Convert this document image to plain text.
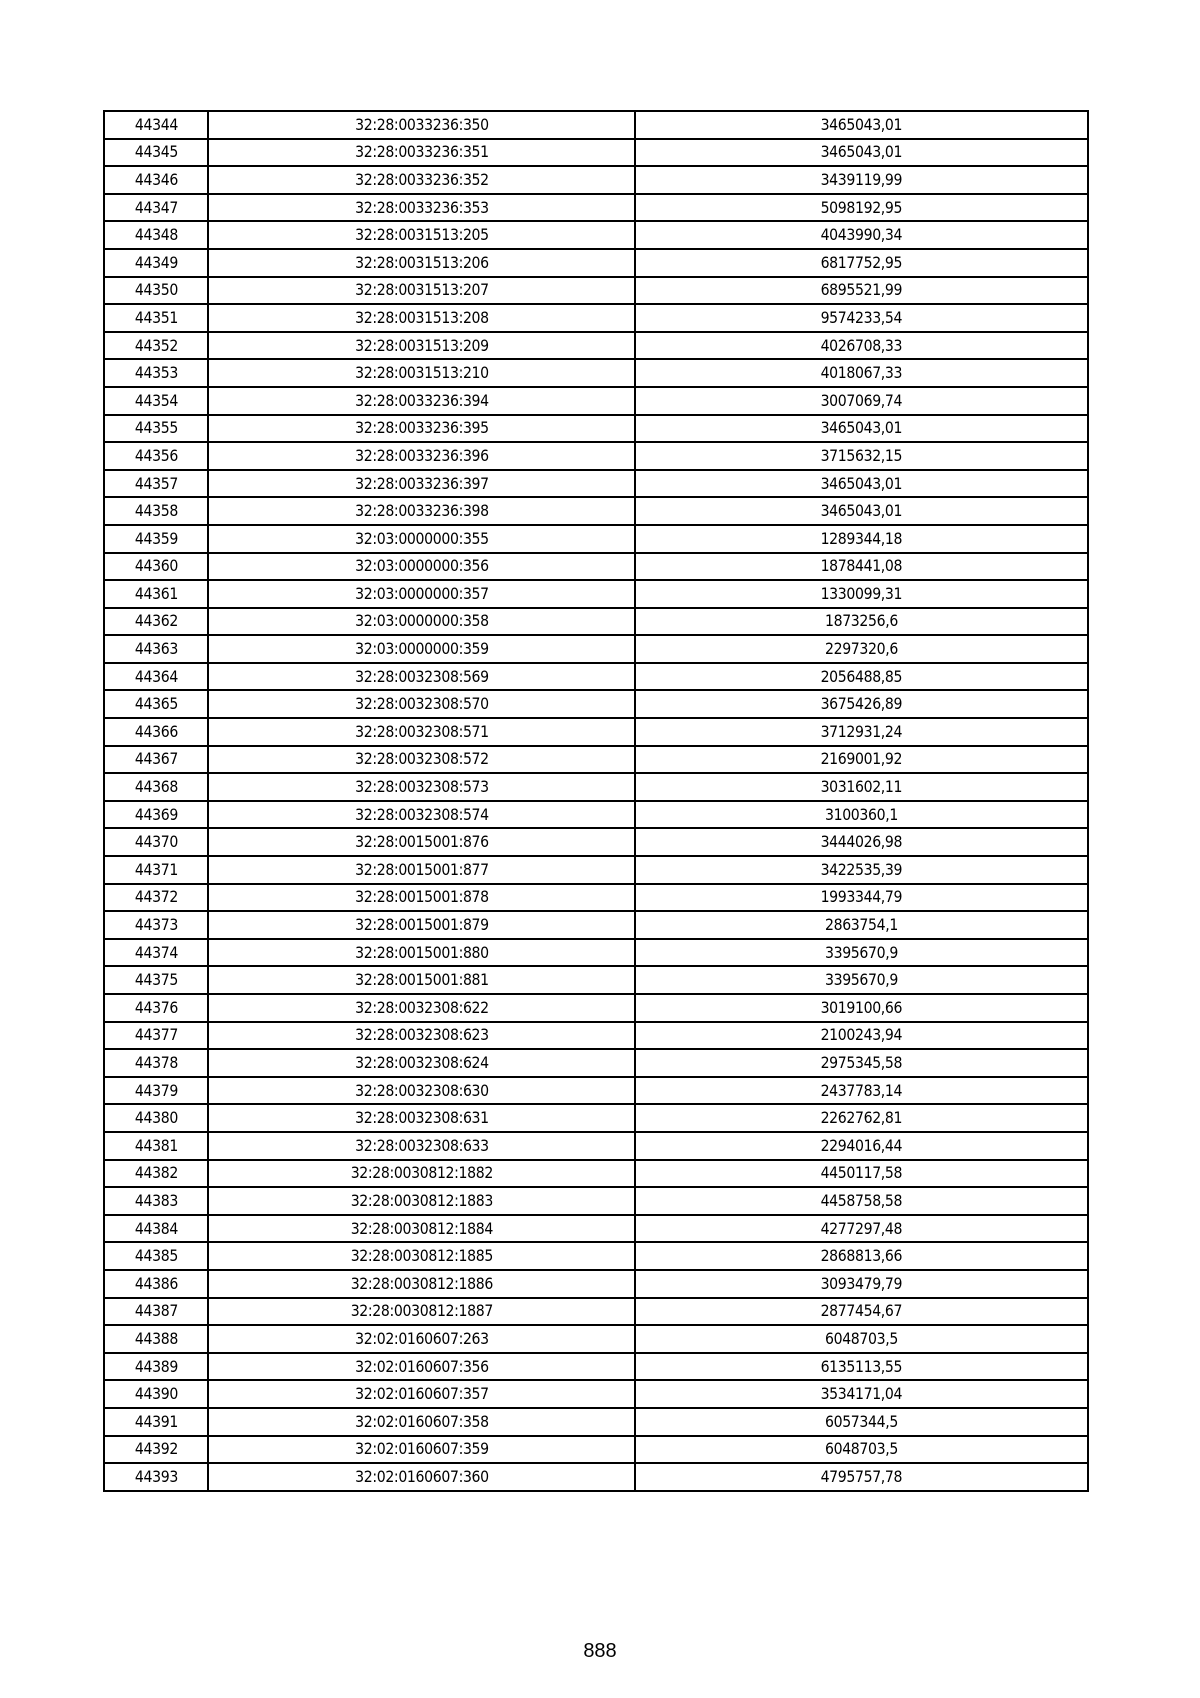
44344	32:28:0033236:350	3465043,01
44345	32:28:0033236:351	3465043,01
44346	32:28:0033236:352	3439119,99
44347	32:28:0033236:353	5098192,95
44348	32:28:0031513:205	4043990,34
44349	32:28:0031513:206	6817752,95
44350	32:28:0031513:207	6895521,99
44351	32:28:0031513:208	9574233,54
44352	32:28:0031513:209	4026708,33
44353	32:28:0031513:210	4018067,33
44354	32:28:0033236:394	3007069,74
44355	32:28:0033236:395	3465043,01
44356	32:28:0033236:396	3715632,15
44357	32:28:0033236:397	3465043,01
44358	32:28:0033236:398	3465043,01
44359	32:03:0000000:355	1289344,18
44360	32:03:0000000:356	1878441,08
44361	32:03:0000000:357	1330099,31
44362	32:03:0000000:358	1873256,6
44363	32:03:0000000:359	2297320,6
44364	32:28:0032308:569	2056488,85
44365	32:28:0032308:570	3675426,89
44366	32:28:0032308:571	3712931,24
44367	32:28:0032308:572	2169001,92
44368	32:28:0032308:573	3031602,11
44369	32:28:0032308:574	3100360,1
44370	32:28:0015001:876	3444026,98
44371	32:28:0015001:877	3422535,39
44372	32:28:0015001:878	1993344,79
44373	32:28:0015001:879	2863754,1
44374	32:28:0015001:880	3395670,9
44375	32:28:0015001:881	3395670,9
44376	32:28:0032308:622	3019100,66
44377	32:28:0032308:623	2100243,94
44378	32:28:0032308:624	2975345,58
44379	32:28:0032308:630	2437783,14
44380	32:28:0032308:631	2262762,81
44381	32:28:0032308:633	2294016,44
44382	32:28:0030812:1882	4450117,58
44383	32:28:0030812:1883	4458758,58
44384	32:28:0030812:1884	4277297,48
44385	32:28:0030812:1885	2868813,66
44386	32:28:0030812:1886	3093479,79
44387	32:28:0030812:1887	2877454,67
44388	32:02:0160607:263	6048703,5
44389	32:02:0160607:356	6135113,55
44390	32:02:0160607:357	3534171,04
44391	32:02:0160607:358	6057344,5
44392	32:02:0160607:359	6048703,5
44393	32:02:0160607:360	4795757,78
888
